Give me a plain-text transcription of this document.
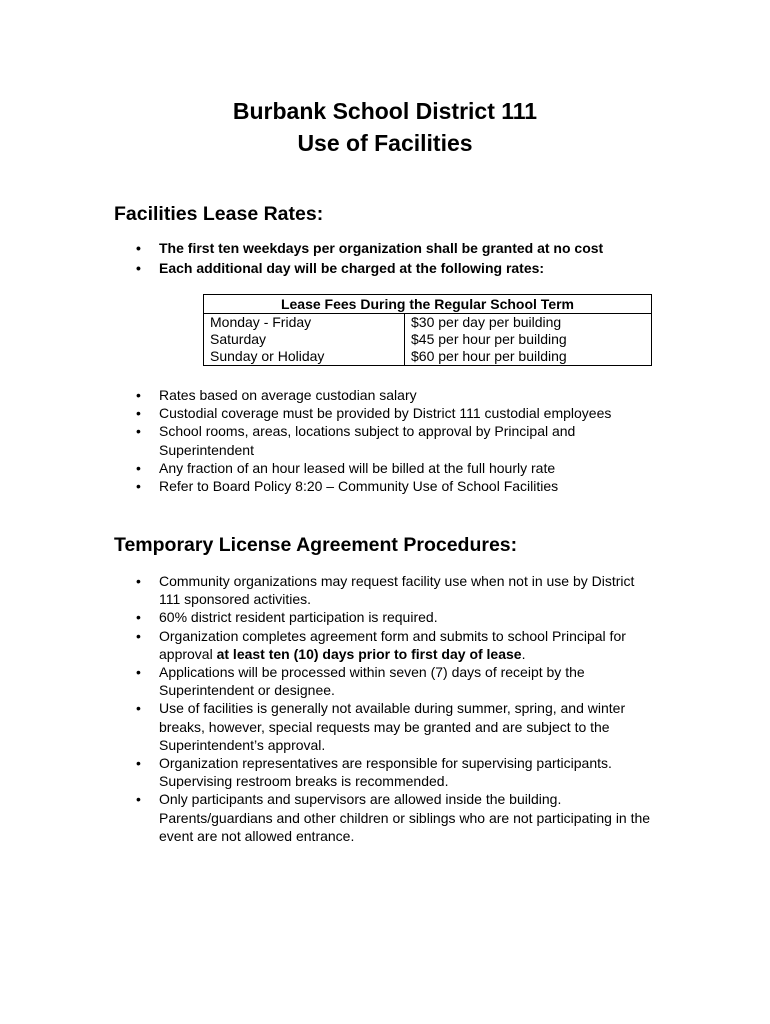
Burbank School District 111

Use of Facilities

Facilities Lease Rates:
• The first ten weekdays per organization shall be granted at no cost
• Each additional day will be charged at the following rates:
Lease Fees During the Regular School Term	
Monday - Friday	$30 per day per building
Saturday	$45 per hour per building
Sunday or Holiday	$60 per hour per building
• Rates based on average custodian salary
• Custodial coverage must be provided by District 111 custodial employees
• School rooms, areas, locations subject to approval by Principal and Superintendent
• Any fraction of an hour leased will be billed at the full hourly rate
• Refer to Board Policy 8:20 – Community Use of School Facilities
Temporary License Agreement Procedures:
• Community organizations may request facility use when not in use by District 111 sponsored activities.
• 60% district resident participation is required.
• Organization completes agreement form and submits to school Principal for approval at least ten (10) days prior to first day of lease.
• Applications will be processed within seven (7) days of receipt by the Superintendent or designee.
• Use of facilities is generally not available during summer, spring, and winter breaks, however, special requests may be granted and are subject to the Superintendent’s approval.
• Organization representatives are responsible for supervising participants. Supervising restroom breaks is recommended.
• Only participants and supervisors are allowed inside the building. Parents/guardians and other children or siblings who are not participating in the event are not allowed entrance.
